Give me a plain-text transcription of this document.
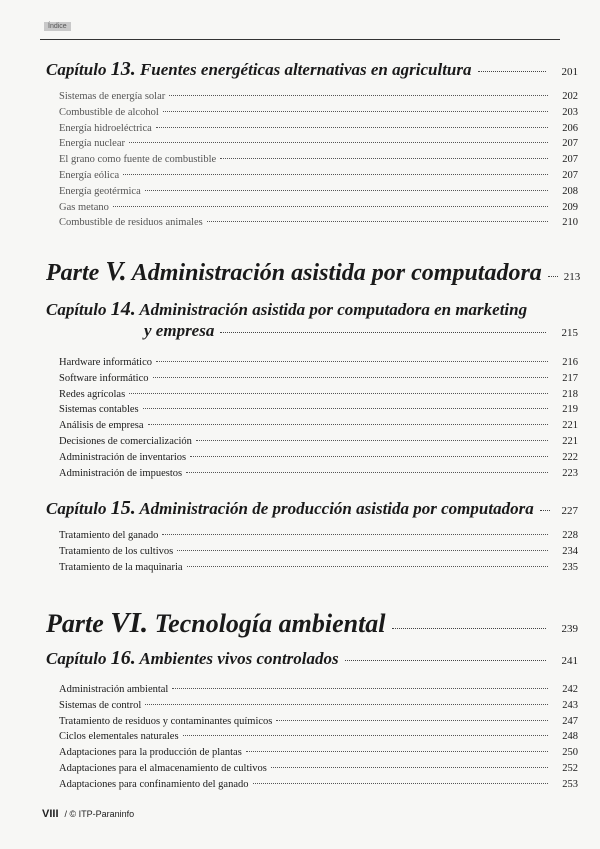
Índice
Capítulo 13. Fuentes energéticas alternativas en agricultura	201
Sistemas de energía solar	202
Combustible de alcohol	203
Energía hidroeléctrica	206
Energía nuclear	207
El grano como fuente de combustible	207
Energía eólica	207
Energía geotérmica	208
Gas metano	209
Combustible de residuos animales	210
Parte V. Administración asistida por computadora 213
Capítulo 14. Administración asistida por computadora en marketing
y empresa	215
Hardware informático	216
Software informático	217
Redes agrícolas	218
Sistemas contables	219
Análisis de empresa	221
Decisiones de comercialización	221
Administración de inventarios	222
Administración de impuestos	223
Capítulo 15. Administración de producción asistida por computadora	227
Tratamiento del ganado	228
Tratamiento de los cultivos	234
Tratamiento de la maquinaria	235
Parte VI. Tecnología ambiental	239
Capítulo 16. Ambientes vivos controlados	241
Administración ambiental	242
Sistemas de control	243
Tratamiento de residuos y contaminantes químicos	247
Ciclos elementales naturales	248
Adaptaciones para la producción de plantas	250
Adaptaciones para el almacenamiento de cultivos	252
Adaptaciones para confinamiento del ganado	253
VIII / © ITP-Paraninfo
